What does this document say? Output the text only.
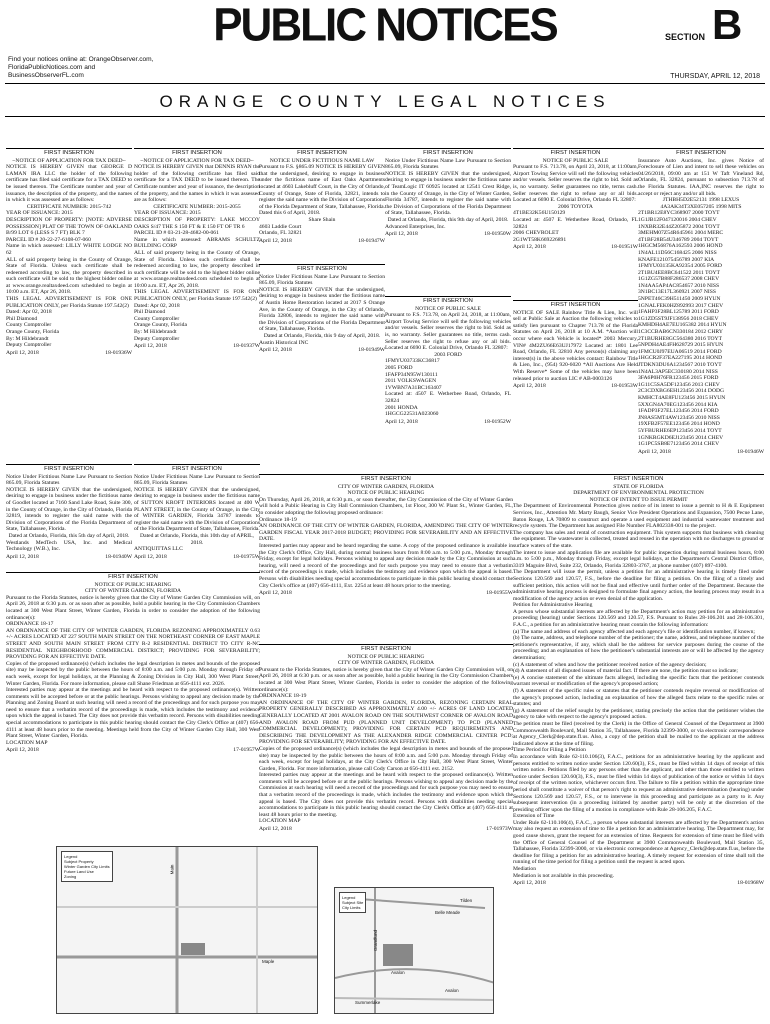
PUBLIC NOTICES	SECTION B
Find your notices online at: OrangeObserver.com,
FloridaPublicNotices.com and
BusinessObserverFL.com	THURSDAY, APRIL 12, 2018
ORANGE COUNTY LEGAL NOTICES
FIRST INSERTION
~NOTICE OF APPLICATION FOR TAX DEED~
NOTICE IS HEREBY GIVEN that GEORGE D LAMAN IRA LLC the holder of the following certificate has filed said certificate for a TAX DEED to be issued thereon. The Certificate number and year of issuance, the description of the property, and the names in which it was assessed are as follows:
CERTIFICATE NUMBER: 2015-742
YEAR OF ISSUANCE: 2015
DESCRIPTION OF PROPERTY: [NOTE: ADVERSE POSSESSION] PLAT OF THE TOWN OF OAKLAND B/99 LOT 6 (LESS S 7 FT) BLK 7
PARCEL ID # 20-22-27-6108-07-060
Name in which assessed: LILLY WHITE LODGE NO 62
ALL of said property being in the County of Orange, State of Florida. Unless such certificate shall be redeemed according to law, the property described in such certificate will be sold to the highest bidder online at www.orange.realtaxdeed.com scheduled to begin at 10:00 a.m. ET, Apr 26, 2018.
THIS LEGAL ADVERTISEMENT IS FOR ONE PUBLICATION ONLY, per Florida Statute 197.542(2)
Dated: Apr 02, 2018
Phil Diamond
County Comptroller
Orange County, Florida
By: M Hildebrandt
Deputy Comptroller
April 12, 2018	18-01936W
FIRST INSERTION
~NOTICE OF APPLICATION FOR TAX DEED~
NOTICE IS HEREBY GIVEN that DENNIS RYAN the holder of the following certificate has filed said certificate for a TAX DEED to be issued thereon. The Certificate number and year of issuance, the description of the property, and the names in which it was assessed are as follows:
CERTIFICATE NUMBER: 2015-2055
YEAR OF ISSUANCE: 2015
DESCRIPTION OF PROPERTY: LAKE MCCOY OAKS S/47 THE S 150 FT & E 150 FT OF TR 6
PARCEL ID # 03-21-28-4682-00-061
Name in which assessed: ABRAMS SCHULTZ BUILDING CORP
ALL of said property being in the County of Orange, State of Florida. Unless such certificate shall be redeemed according to law, the property described in such certificate will be sold to the highest bidder online at www.orange.realtaxdeed.com scheduled to begin at 10:00 a.m. ET, Apr 26, 2018.
THIS LEGAL ADVERTISEMENT IS FOR ONE PUBLICATION ONLY, per Florida Statute 197.542(2)
Dated: Apr 02, 2018
Phil Diamond
County Comptroller
Orange County, Florida
By: M Hildebrandt
Deputy Comptroller
April 12, 2018	18-01937W
FIRST INSERTION
NOTICE UNDER FICTITIOUS NAME LAW
Pursuant to F.S. §865.09 NOTICE IS HEREBY GIVEN that the undersigned, desiring to engage in business under the fictitious name of East Oaks Apartments located at 4603 Lakebluff Court, in the City of Orlando, County of Orange, State of Florida, 32821, intends to register the said name with the Division of Corporations of the Florida Department of State, Tallahassee, Florida. Dated this 6 of April, 2018.
Share Shain
4603 Laddie Court
Orlando, FL 32821
April 12, 2018	18-01947W
FIRST INSERTION
Notice Under Fictitious Name Law Pursuant to Section 865.09, Florida Statutes
NOTICE IS HEREBY GIVEN that the undersigned, desiring to engage in business under the fictitious name of TeamLogic IT 60925 located at 12541 Crest Ridge, in the County of Orange, in the City of Winter Garden, Florida 34787, intends to register the said name with the Division of Corporations of the Florida Department of State, Tallahassee, Florida.
Dated at Orlando, Florida, this 9th day of April, 2018.
Advanced Enterprises, Inc.
April 12, 2018	18-01950W
FIRST INSERTION
NOTICE OF PUBLIC SALE
Pursuant to F.S. 713.78, on April 23, 2018, at 11:00am, Airport Towing Service will sell the following vehicles and/or vessels. Seller reserves the right to bid. Sold as is, no warranty. Seller guarantees no title, terms cash. Seller reserves the right to refuse any or all bids. Located at 6690 E. Colonial Drive, Orlando FL 32807:
2006 TOYOTA
4T1BE32K56U150129
Located at: 4507 E. Wetherbee Road, Orlando, FL 32824
2006 CHEVROLET
2G1WT58K669226891
April 12, 2018	18-01951W
FIRST INSERTION
Insurance Auto Auctions, Inc. gives Notice of Foreclosure of Lien and intent to sell these vehicles on 04/26/2018, 09:00 am at 151 W Taft Vineland Rd, Orlando, FL 32824, pursuant to subsection 713.78 of the Florida Statutes. IAA,INC reserves the right to accept or reject any and/or all bids.
JTHBH5D2E52131 1998 LEXUS
4A3AK34T3XE057205 1998 MITS
2T1BR12E8YC368907 2000 TOYT
1G1JB12F047120016 2004 CHEV
1NXBR32E44Z205872 2004 TOYT
3MEHM07Z54R645961 2004 MERC
4T1BF28B54U346789 2004 TOYT
1HGCM56876A162593 2006 HOND
1N4AL11D56C168425 2006 NISS
KNAFE121075456789 2007 KIA
1FMYU03135KA92354 2005 FORD
2T1BU4EE8BC641522 2011 TOYT
1G1ZG57B88F286537 2008 CHEV
1N4AA5AP4AC854657 2010 NISS
3N1BC13E17L360921 2007 NISS
5NPET46C39H511450 2009 HYUN
1GNALFEK0HZ892993 2017 CHEV
1FAHP3F28BL125789 2011 FORD
1G1ZD5ST9JF138956 2018 CHEV
KMHDH4AE7EU165382 2014 HYUN
1C3CCBAB6CN330184 2012 CHRY
2T1BURHE8GC564380 2016 TOYT
5NPDH4AE4FH628729 2015 HYUN
1FMCU0J97EUA06519 2014 FORD
1HGCR2F37EA227195 2014 HOND
JTDKN3DU6A1234567 2010 TOYT
1N4AL3AP5EC330180 2014 NISS
3FA6P0H76FR123456 2015 FORD
1G11C5SA5DF123456 2013 CHEV
2C3CDXBG6EH123456 2014 DODG
KMHCT4AE8FU123456 2015 HYUN
5XXGN4A70EG123456 2014 KIA
1FADP3F27EL123456 2014 FORD
JN8AS5MT4AW123456 2010 NISS
19XFB2F57EE123456 2014 HOND
5YFBURHE6EP123456 2014 TOYT
1GNKRGKD6EJ123456 2014 CHEV
1G1PC5SB8E7123456 2014 CHEV
April 12, 2018	18-01946W
FIRST INSERTION
Notice Under Fictitious Name Law Pursuant to Section 865.09, Florida Statutes
NOTICE IS HEREBY GIVEN that the undersigned, desiring to engage in business under the fictitious name of Austin Home Restoration located at 2017 S Orange Ave, in the County of Orange, in the City of Orlando, Florida 32806, intends to register the said name with the Division of Corporations of the Florida Department of State, Tallahassee, Florida.
Dated at Orlando, Florida, this 9 day of April, 2018.
Austin Historical INC
April 12, 2018	18-01949W
FIRST INSERTION
NOTICE OF PUBLIC SALE
Pursuant to F.S. 713.78, on April 24, 2018, at 11:00am, Airport Towing Service will sell the following vehicles and/or vessels. Seller reserves the right to bid. Sold as is, no warranty. Seller guarantees no title, terms cash. Seller reserves the right to refuse any or all bids. Located at 6690 E. Colonial Drive, Orlando FL 32807:
2003 FORD
1FMYU03733KC36817
2005 FORD
1FAFP34N95W130111
2011 VOLKSWAGEN
1VWBN7A31BC163407
Located at: 4507 E. Wetherbee Road, Orlando, FL 32824
2001 HONDA
1HGCG22531A023060
April 12, 2018	18-01952W
FIRST INSERTION
NOTICE OF SALE Rainbow Title & Lien, Inc. will sell at Public Sale at Auction the following vehicles to satisfy lien pursuant to Chapter 713.78 of the Florida Statutes on April 26, 2018 at 10 A.M. *Auction will occur where each Vehicle is located* 2003 Mercury, VIN# 4M2ZU66E63UJ17972 Located at: 1801 Lee Road, Orlando, FL 32810 Any person(s) claiming any interest(s) in the above vehicles contact: Rainbow Title & Lien, Inc., (954) 920-6020 *All Auctions Are Held With Reserve* Some of the vehicles may have been released prior to auction LIC # AB-0003126
April 12, 2018	18-01953W
FIRST INSERTION
Notice Under Fictitious Name Law Pursuant to Section 865.09, Florida Statutes
NOTICE IS HEREBY GIVEN that the undersigned, desiring to engage in business under the fictitious name of Goodlet located at 7160 Sand Lake Road, Suite 300, in the County of Orange, in the City of Orlando, Florida 32819, intends to register the said name with the Division of Corporations of the Florida Department of State, Tallahassee, Florida.
Dated at Orlando, Florida, this 5th day of April, 2018.
Westlands MedTech USA, Inc. and Medical Technology (W.B.), Inc.
April 12, 2018	18-01940W
FIRST INSERTION
Notice Under Fictitious Name Law Pursuant to Section 865.09, Florida Statutes
NOTICE IS HEREBY GIVEN that the undersigned, desiring to engage in business under the fictitious name of SUTTON KROFT INTERIORS located at 400 W PLANT STREET, in the County of Orange, in the City of WINTER GARDEN, Florida 34787 intends to register the said name with the Division of Corporations of the Florida Department of State, Tallahassee, Florida.
Dated at Orlando, Florida, this 10th day of APRIL, 2018.
ANTIQUITTAS LLC
April 12, 2018	18-01975W
FIRST INSERTION
CITY OF WINTER GARDEN, FLORIDA
NOTICE OF PUBLIC HEARING
On Thursday, April 26, 2018, at 6:30 p.m., or soon thereafter, the City Commission of the City of Winter Garden will hold a Public Hearing in City Hall Commission Chambers, 1st Floor, 300 W. Plant St., Winter Garden, FL, to consider adopting the following proposed ordinance:
Ordinance 18-19
AN ORDINANCE OF THE CITY OF WINTER GARDEN, FLORIDA, AMENDING THE CITY OF WINTER GARDEN FISCAL YEAR 2017-2018 BUDGET; PROVIDING FOR SEVERABILITY AND AN EFFECTIVE DATE.
Interested parties may appear and be heard regarding the same. A copy of the proposed ordinance is available in the City Clerk's Office, City Hall, during normal business hours from 8:00 a.m. to 5:00 p.m., Monday through Friday, except for legal holidays. Persons wishing to appeal any decision made by the City Commission at such hearing, will need a record of the proceedings and for such purpose you may need to ensure that a verbatim record of the proceedings is made, which includes the testimony and evidence upon which the appeal is based. Persons with disabilities needing special accommodations to participate in this public hearing should contact the City Clerk's office at (407) 656-4111, Ext. 2254 at least 48 hours prior to the meeting.
April 12, 2018	18-01955W
FIRST INSERTION
STATE OF FLORIDA
DEPARTMENT OF ENVIRONMENTAL PROTECTION
NOTICE OF INTENT TO ISSUE PERMIT
The Department of Environmental Protection gives notice of its intent to issue a permit to H & E Equipment Services, Inc., Attention Mr. Marty Baugh, Senior Vice President Operations and Expansion, 7500 Pecue Lane, Baton Rouge, LA 70809 to construct and operate a used equipment and industrial wastewater treatment and recycle system. The Department has assigned File Number FLA802338-001 to the project.
The company has sales and rental of construction equipment. This system supports that business with cleaning the equipment. The wastewater is collected, treated and reused in the operation with no discharges to ground or surface waters of the state.
The intent to issue and application file are available for public inspection during normal business hours, 8:00 a.m. to 5:00 p.m., Monday through Friday, except legal holidays, at the Department's Central District Office, 3319 Maguire Blvd, Suite 232, Orlando, Florida 32803-3767, at phone number (407) 897-4100.
The Department will issue the permit, unless a petition for an administrative hearing is timely filed under Sections 120.569 and 120.57, F.S., before the deadline for filing a petition. On the filing of a timely and sufficient petition, this action will not be final and effective until further order of the Department. Because the administrative hearing process is designed to formulate final agency action, the hearing process may result in a modification of the agency action or even denial of the application.
Petition for Administrative Hearing
A person whose substantial interests are affected by the Department's action may petition for an administrative proceeding (hearing) under Sections 120.569 and 120.57, F.S. Pursuant to Rules 28-106.201 and 28-106.301, F.A.C., a petition for an administrative hearing must contain the following information:
(a) The name and address of each agency affected and each agency's file or identification number, if known;
(b) The name, address, and telephone number of the petitioner; the name, address, and telephone number of the petitioner's representative, if any, which shall be the address for service purposes during the course of the proceeding; and an explanation of how the petitioner's substantial interests are or will be affected by the agency determination;
(c) A statement of when and how the petitioner received notice of the agency decision;
(d) A statement of all disputed issues of material fact. If there are none, the petition must so indicate;
(e) A concise statement of the ultimate facts alleged, including the specific facts that the petitioner contends warrant reversal or modification of the agency's proposed action;
(f) A statement of the specific rules or statutes that the petitioner contends require reversal or modification of the agency's proposed action, including an explanation of how the alleged facts relate to the specific rules or statutes; and
(g) A statement of the relief sought by the petitioner, stating precisely the action that the petitioner wishes the agency to take with respect to the agency's proposed action.
The petition must be filed (received by the Clerk) in the Office of General Counsel of the Department at 3900 Commonwealth Boulevard, Mail Station 35, Tallahassee, Florida 32399-3000, or via electronic correspondence at Agency_Clerk@dep.state.fl.us. Also, a copy of the petition shall be mailed to the applicant at the address indicated above at the time of filing.
Time Period for Filing a Petition
In accordance with Rule 62-110.106(3), F.A.C., petitions for an administrative hearing by the applicant and persons entitled to written notice under Section 120.60(3), F.S., must be filed within 14 days of receipt of this written notice. Petitions filed by any persons other than the applicant, and other than those entitled to written notice under Section 120.60(3), F.S., must be filed within 14 days of publication of the notice or within 14 days of receipt of the written notice, whichever occurs first. The failure to file a petition within the appropriate time period shall constitute a waiver of that person's right to request an administrative determination (hearing) under Sections 120.569 and 120.57, F.S., or to intervene in this proceeding and participate as a party to it. Any subsequent intervention (in a proceeding initiated by another party) will be only at the discretion of the presiding officer upon the filing of a motion in compliance with Rule 28-106.205, F.A.C.
Extension of Time
Under Rule 62-110.106(4), F.A.C., a person whose substantial interests are affected by the Department's action may also request an extension of time to file a petition for an administrative hearing. The Department may, for good cause shown, grant the request for an extension of time. Requests for extension of time must be filed with the Office of General Counsel of the Department at 3900 Commonwealth Boulevard, Mail Station 35, Tallahassee, Florida 32399-3000, or via electronic correspondence at Agency_Clerk@dep.state.fl.us, before the deadline for filing a petition for an administrative hearing. A timely request for extension of time shall toll the running of the time period for filing a petition until the request is acted upon.
Mediation
Mediation is not available in this proceeding.
April 12, 2018	18-01968W
FIRST INSERTION
NOTICE OF PUBLIC HEARING
CITY OF WINTER GARDEN, FLORIDA
Pursuant to the Florida Statutes, notice is hereby given that the City of Winter Garden City Commission will, on April 26, 2018 at 6:30 p.m. or as soon after as possible, hold a public hearing in the City Commission Chambers located at 300 West Plant Street, Winter Garden, Florida in order to consider the adoption of the following ordinance(s):
ORDINANCE 18-17
AN ORDINANCE OF THE CITY OF WINTER GARDEN, FLORIDA REZONING APPROXIMATELY 0.63 +/- ACRES LOCATED AT 227 SOUTH MAIN STREET ON THE NORTHEAST CORNER OF EAST MAPLE STREET AND SOUTH MAIN STREET FROM CITY R-2 RESIDENTIAL DISTRICT TO CITY R-NC RESIDENTIAL NEIGHBORHOOD COMMERCIAL DISTRICT; PROVIDING FOR SEVERABILITY; PROVIDING FOR AN EFFECTIVE DATE.
Copies of the proposed ordinance(s) (which includes the legal description in metes and bounds of the proposed site) may be inspected by the public between the hours of 8:00 a.m. and 5:00 p.m. Monday through Friday of each week, except for legal holidays, at the Planning & Zoning Division in City Hall, 300 West Plant Street, Winter Garden, Florida. For more information, please call Shane Friedman at 656-4111 ext. 2026.
Interested parties may appear at the meetings and be heard with respect to the proposed ordinance(s). Written comments will be accepted before or at the public hearings. Persons wishing to appeal any decision made by the Planning and Zoning Board at such hearing will need a record of the proceedings and for such purpose you may need to ensure that a verbatim record of the proceedings is made, which includes the testimony and evidence upon which the appeal is based. The City does not provide this verbatim record. Persons with disabilities needing special accommodations to participate in this public hearing should contact the City Clerk's Office at (407) 656-4111 at least 48 hours prior to the meeting. Meetings held from the City of Winter Garden City Hall, 300 West Plant Street, Winter Garden, Florida.
LOCATION MAP
April 12, 2018	17-01957W
FIRST INSERTION
NOTICE OF PUBLIC HEARING
CITY OF WINTER GARDEN, FLORIDA
Pursuant to the Florida Statutes, notice is hereby given that the City of Winter Garden City Commission will, on April 26, 2018 at 6:30 p.m. or as soon after as possible, hold a public hearing in the City Commission Chambers located at 300 West Plant Street, Winter Garden, Florida in order to consider the adoption of the following ordinance(s):
ORDINANCE 18-19
AN ORDINANCE OF THE CITY OF WINTER GARDEN, FLORIDA, REZONING CERTAIN REAL PROPERTY GENERALLY DESCRIBED AS APPROXIMATELY 4.00 +/- ACRES OF LAND LOCATED GENERALLY LOCATED AT 2001 AVALON ROAD ON THE SOUTHWEST CORNER OF AVALON ROAD AND AVALON ROAD FROM PUD (PLANNED UNIT DEVELOPMENT) TO PCD (PLANNED COMMERCIAL DEVELOPMENT); PROVIDING FOR CERTAIN PCD REQUIREMENTS AND DESCRIBING THE DEVELOPMENT AS THE ALEXANDER RIDGE COMMERCIAL CENTER PCD; PROVIDING FOR SEVERABILITY; PROVIDING FOR AN EFFECTIVE DATE.
Copies of the proposed ordinance(s) (which includes the legal description in metes and bounds of the proposed site) may be inspected by the public between the hours of 8:00 a.m. and 5:00 p.m. Monday through Friday of each week, except for legal holidays, at the City Clerk's Office in City Hall, 300 West Plant Street, Winter Garden, Florida. For more information, please call Cody Carson at 656-4111 ext. 2152.
Interested parties may appear at the meetings and be heard with respect to the proposed ordinance(s). Written comments will be accepted before or at the public hearings. Persons wishing to appeal any decision made by the Commission at such hearing will need a record of the proceedings and for such purpose you may need to ensure that a verbatim record of the proceedings is made, which includes the testimony and evidence upon which the appeal is based. The City does not provide this verbatim record. Persons with disabilities needing special accommodations to participate in this public hearing should contact the City Clerk's Office at (407) 656-4111 at least 48 hours prior to the meeting.
LOCATION MAP
April 12, 2018	17-01973W
Legend
Subject Property
Winter Garden City Limits
Future Land Use
Zoning
Maple
Main
Legend
Subject Site
City Limits
Avalon
Grandlund
Tilden
Belle Meade
Summerlake
Avalon
